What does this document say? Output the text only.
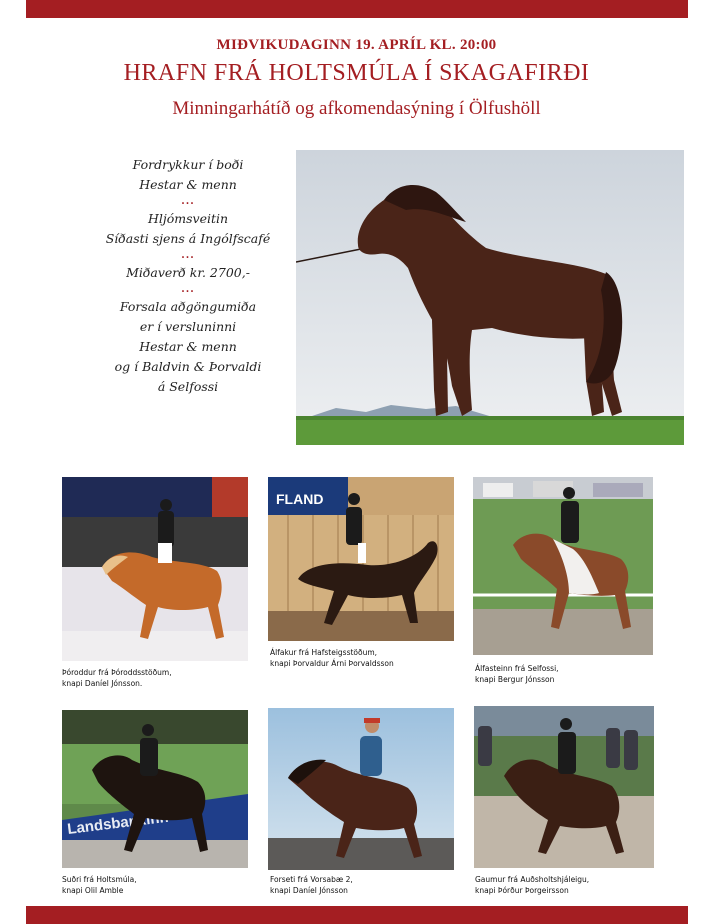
MIÐVIKUDAGINN 19. APRÍL KL. 20:00
HRAFN FRÁ HOLTSMÚLA Í SKAGAFIRÐI
Minningarhátíð og afkomendasýning í Ölfushöll
Fordrykkur í boði
Hestar & menn
...
Hljómsveitin
Síðasti sjens á Ingólfscafé
...
Miðaverð kr. 2700,-
...
Forsala aðgöngumiða
er í versluninni
Hestar & menn
og í Baldvin & Þorvaldi
á Selfossi
FLAND
Landsbankinn
Þóroddur frá Þóroddsstöðum,
knapi Daníel Jónsson.
Álfakur frá Hafsteigsstöðum,
knapi Þorvaldur Árni Þorvaldsson
Álfasteinn frá Selfossi,
knapi Bergur Jónsson
Suðri frá Holtsmúla,
knapi Olil Amble
Forseti frá Vorsabæ 2,
knapi Daníel Jónsson
Gaumur frá Auðsholtshjáleigu,
knapi Þórður Þorgeirsson
